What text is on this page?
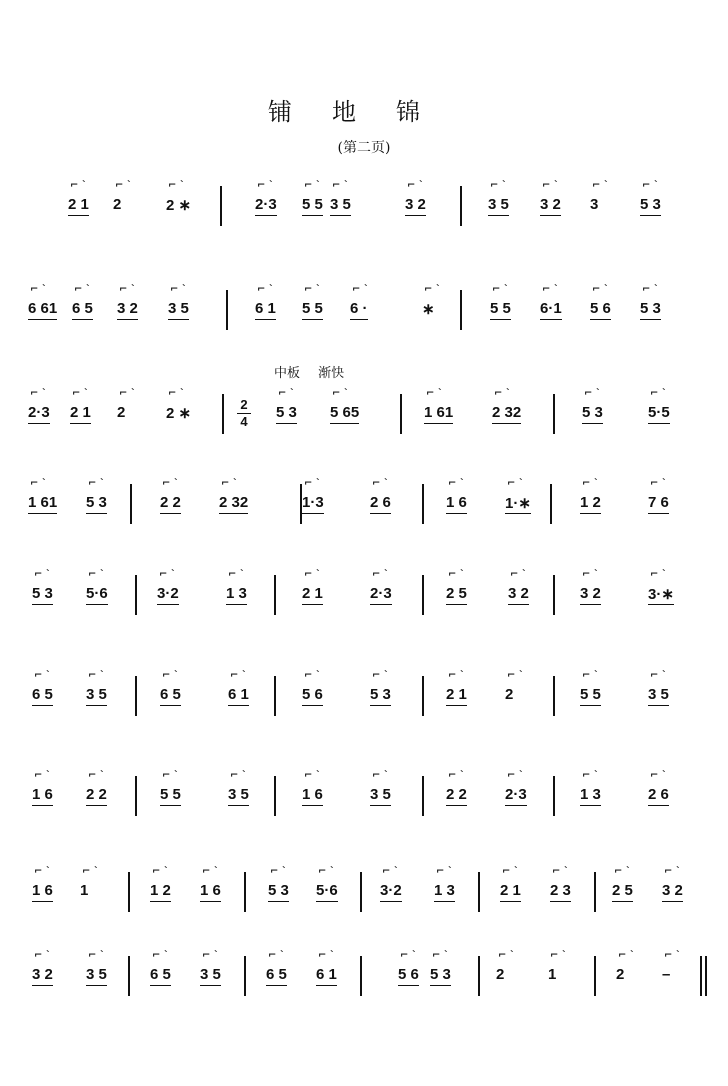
铺地锦
(第二页)
中板 渐快
2 1
⌐ ˋ
2
⌐ ˋ
2 ∗
⌐ ˋ
2·3
⌐ ˋ
5 5
⌐ ˋ
3 5
⌐ ˋ
3 2
⌐ ˋ
3 5
⌐ ˋ
3 2
⌐ ˋ
3
⌐ ˋ
5 3
⌐ ˋ
6 61
⌐ ˋ
6 5
⌐ ˋ
3 2
⌐ ˋ
3 5
⌐ ˋ
6 1
⌐ ˋ
5 5
⌐ ˋ
6 ·
⌐ ˋ
∗
⌐ ˋ
5 5
⌐ ˋ
6·1
⌐ ˋ
5 6
⌐ ˋ
5 3
⌐ ˋ
2·3
⌐ ˋ
2 1
⌐ ˋ
2
⌐ ˋ
2 ∗
⌐ ˋ
5 3
⌐ ˋ
5 65
⌐ ˋ
1 61
⌐ ˋ
2 32
⌐ ˋ
5 3
⌐ ˋ
5·5
⌐ ˋ
1 61
⌐ ˋ
5 3
⌐ ˋ
2 2
⌐ ˋ
2 32
⌐ ˋ
1·3
⌐ ˋ
2 6
⌐ ˋ
1 6
⌐ ˋ
1·∗
⌐ ˋ
1 2
⌐ ˋ
7 6
⌐ ˋ
5 3
⌐ ˋ
5·6
⌐ ˋ
3·2
⌐ ˋ
1 3
⌐ ˋ
2 1
⌐ ˋ
2·3
⌐ ˋ
2 5
⌐ ˋ
3 2
⌐ ˋ
3 2
⌐ ˋ
3·∗
⌐ ˋ
6 5
⌐ ˋ
3 5
⌐ ˋ
6 5
⌐ ˋ
6 1
⌐ ˋ
5 6
⌐ ˋ
5 3
⌐ ˋ
2 1
⌐ ˋ
2
⌐ ˋ
5 5
⌐ ˋ
3 5
⌐ ˋ
1 6
⌐ ˋ
2 2
⌐ ˋ
5 5
⌐ ˋ
3 5
⌐ ˋ
1 6
⌐ ˋ
3 5
⌐ ˋ
2 2
⌐ ˋ
2·3
⌐ ˋ
1 3
⌐ ˋ
2 6
⌐ ˋ
1 6
⌐ ˋ
1
⌐ ˋ
1 2
⌐ ˋ
1 6
⌐ ˋ
5 3
⌐ ˋ
5·6
⌐ ˋ
3·2
⌐ ˋ
1 3
⌐ ˋ
2 1
⌐ ˋ
2 3
⌐ ˋ
2 5
⌐ ˋ
3 2
⌐ ˋ
3 2
⌐ ˋ
3 5
⌐ ˋ
6 5
⌐ ˋ
3 5
⌐ ˋ
6 5
⌐ ˋ
6 1
⌐ ˋ
5 6
⌐ ˋ
5 3
⌐ ˋ
2
⌐ ˋ
1
⌐ ˋ
2
⌐ ˋ
–
⌐ ˋ
2
4
